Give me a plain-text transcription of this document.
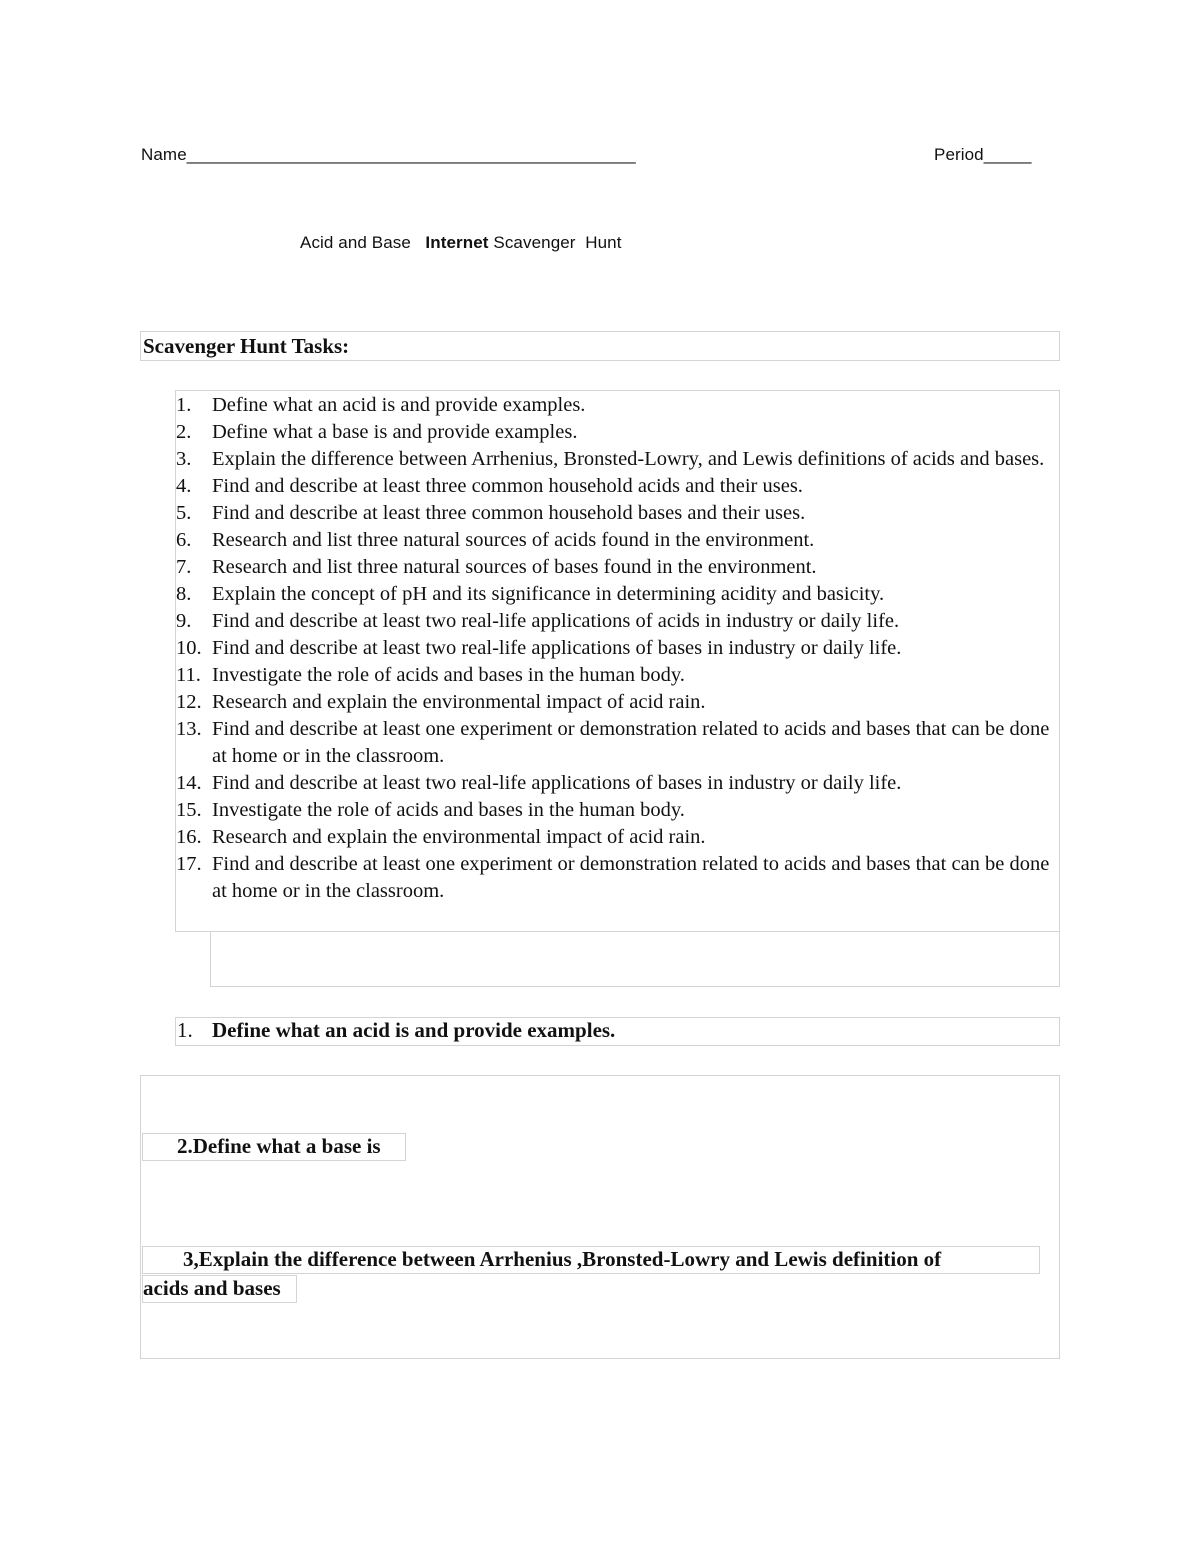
Name_______________________________________________	Period_____
Acid and Base Internet Scavenger Hunt
Scavenger Hunt Tasks:
1. Define what an acid is and provide examples.
2. Define what a base is and provide examples.
3. Explain the difference between Arrhenius, Bronsted-Lowry, and Lewis definitions of acids and bases.
4. Find and describe at least three common household acids and their uses.
5. Find and describe at least three common household bases and their uses.
6. Research and list three natural sources of acids found in the environment.
7. Research and list three natural sources of bases found in the environment.
8. Explain the concept of pH and its significance in determining acidity and basicity.
9. Find and describe at least two real-life applications of acids in industry or daily life.
10. Find and describe at least two real-life applications of bases in industry or daily life.
11. Investigate the role of acids and bases in the human body.
12. Research and explain the environmental impact of acid rain.
13. Find and describe at least one experiment or demonstration related to acids and bases that can be done at home or in the classroom.
14. Find and describe at least two real-life applications of bases in industry or daily life.
15. Investigate the role of acids and bases in the human body.
16. Research and explain the environmental impact of acid rain.
17. Find and describe at least one experiment or demonstration related to acids and bases that can be done at home or in the classroom.
1. Define what an acid is and provide examples.
2.Define what a base is
3,Explain the difference between Arrhenius ,Bronsted-Lowry and Lewis definition of
acids and bases
